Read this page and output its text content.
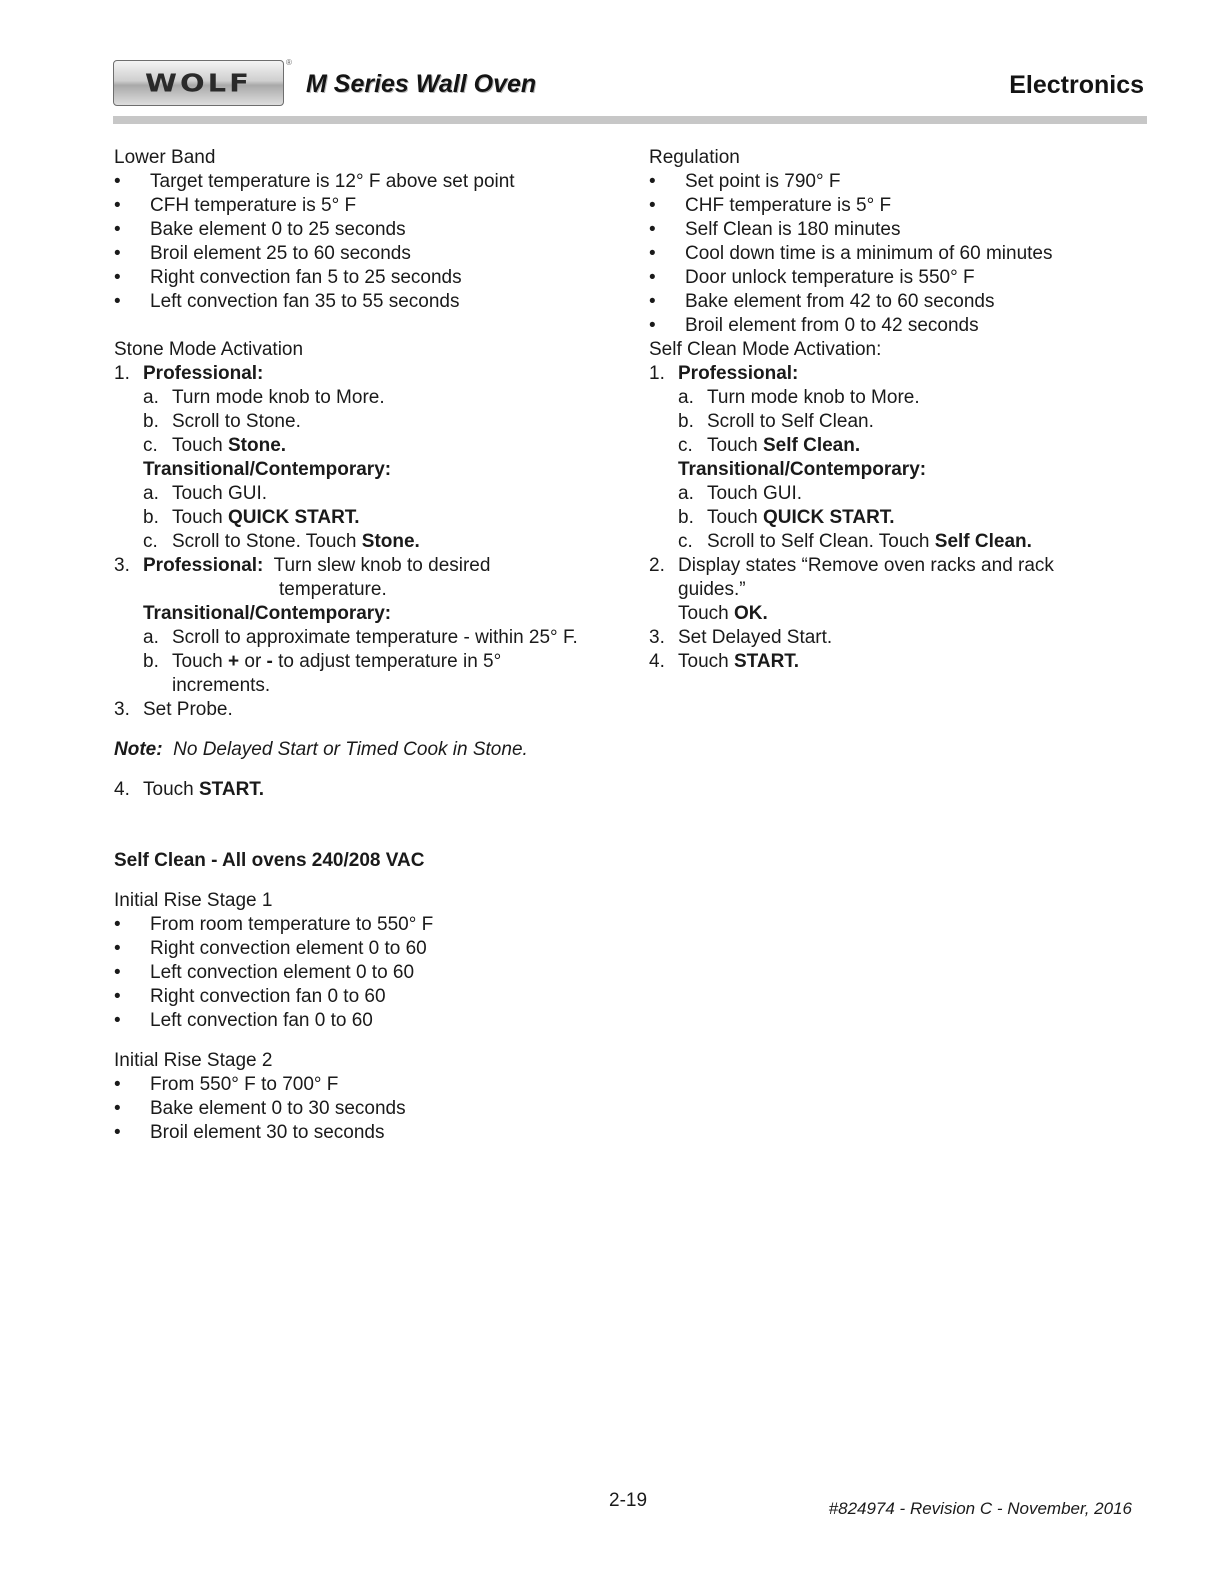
WOLF
®
M Series Wall Oven	Electronics

Lower Band

•	Target temperature is 12° F above set point
•	CFH temperature is 5° F
•	Bake element 0 to 25 seconds
•	Broil element 25 to 60 seconds
•	Right convection fan 5 to 25 seconds
•	Left convection fan 35 to 55 seconds

Stone Mode Activation

1. Professional:
a. Turn mode knob to More.
b. Scroll to Stone.
c. Touch Stone.
Transitional/Contemporary:
a. Touch GUI.
b. Touch QUICK START.
c. Scroll to Stone. Touch Stone.
3. Professional: Turn slew knob to desired
temperature.
Transitional/Contemporary:
a. Scroll to approximate temperature - within 25° F.
b. Touch + or - to adjust temperature in 5°
increments.
3. Set Probe.
Note: No Delayed Start or Timed Cook in Stone.
4. Touch START.
Self Clean - All ovens 240/208 VAC

Initial Rise Stage 1

•	From room temperature to 550° F
•	Right convection element 0 to 60
•	Left convection element 0 to 60
•	Right convection fan 0 to 60
•	Left convection fan 0 to 60

Initial Rise Stage 2

•	From 550° F to 700° F
•	Bake element 0 to 30 seconds
•	Broil element 30 to seconds

Regulation

•	Set point is 790° F
•	CHF temperature is 5° F
•	Self Clean is 180 minutes
•	Cool down time is a minimum of 60 minutes
•	Door unlock temperature is 550° F
•	Bake element from 42 to 60 seconds
•	Broil element from 0 to 42 seconds

Self Clean Mode Activation:

1. Professional:
a. Turn mode knob to More.
b. Scroll to Self Clean.
c. Touch Self Clean.
Transitional/Contemporary:
a. Touch GUI.
b. Touch QUICK START.
c. Scroll to Self Clean. Touch Self Clean.
2. Display states “Remove oven racks and rack
guides.”
Touch OK.
3. Set Delayed Start.
4. Touch START.
2-19	#824974 - Revision C - November, 2016
